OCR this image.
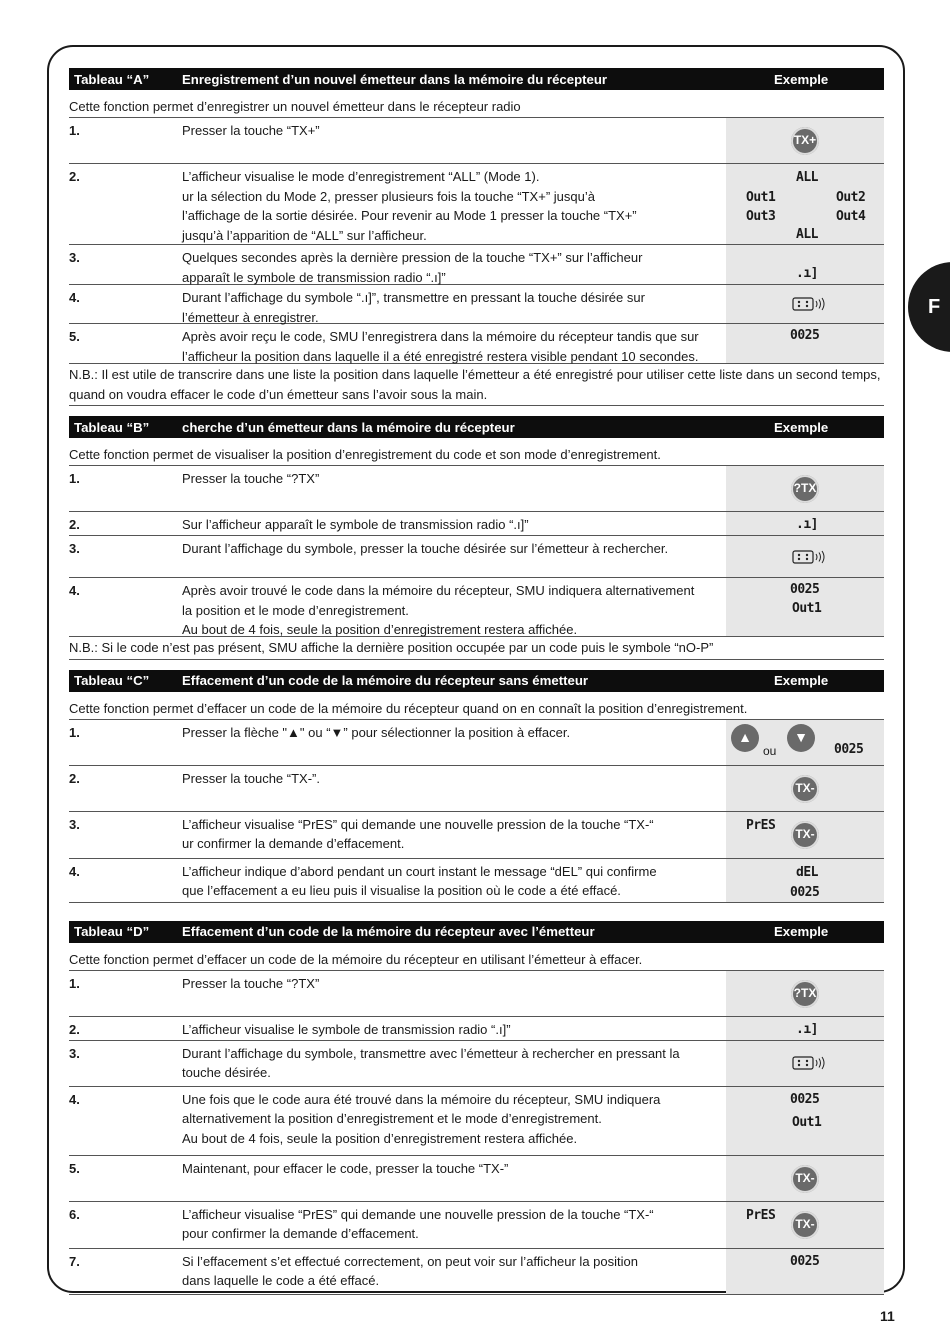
F
11
Tableau “A”	Enregistrement d’un nouvel émetteur dans la mémoire du récepteur	Exemple
Cette fonction permet d’enregistrer un nouvel émetteur dans le récepteur radio
1.	Presser la touche “TX+”
TX+
2.	L’afficheur visualise le mode d’enregistrement “ALL” (Mode 1).
ur la sélection du Mode 2, presser plusieurs fois la touche “TX+” jusqu’à
l’affichage de la sortie désirée. Pour revenir au Mode 1 presser la touche “TX+”
jusqu’à l’apparition de “ALL” sur l’afficheur.
ALL
Out1	Out2
Out3	Out4
ALL
3.	Quelques secondes après la dernière pression de la touche “TX+” sur l’afficheur
apparaît le symbole de transmission radio “.ı]”	.ı]
4.	Durant l’affichage du symbole “.ı]”, transmettre en pressant la touche désirée sur
l’émetteur à enregistrer.
5.	Après avoir reçu le code, SMU l’enregistrera dans la mémoire du récepteur tandis que sur
l’afficheur la position dans laquelle il a été enregistré restera visible pendant 10 secondes.
0025
N.B.: Il est utile de transcrire dans une liste la position dans laquelle l’émetteur a été enregistré pour utiliser cette liste dans un second temps, quand on voudra effacer le code d’un émetteur sans l’avoir sous la main.
Tableau “B”	cherche d’un émetteur dans la mémoire du récepteur	Exemple
Cette fonction permet de visualiser la position d’enregistrement du code et son mode d’enregistrement.
1.	Presser la touche “?TX”
?TX
2.	Sur l’afficheur apparaît le symbole de transmission radio “.ı]”	.ı]
3.	Durant l’affichage du symbole, presser la touche désirée sur l’émetteur à rechercher.
4.	Après avoir trouvé le code dans la mémoire du récepteur, SMU indiquera alternativement
la position et le mode d’enregistrement.
Au bout de 4 fois, seule la position d’enregistrement restera affichée.
0025
Out1
N.B.: Si le code n’est pas présent, SMU affiche la dernière position occupée par un code puis le symbole “nO-P”
Tableau “C”	Effacement d’un code de la mémoire du récepteur sans émetteur	Exemple
Cette fonction permet d’effacer un code de la mémoire du récepteur quand on en connaît la position d’enregistrement.
1.	Presser la flèche "▲" ou “▼” pour sélectionner la position à effacer.	▲
ou
▼
0025
2.	Presser la touche “TX-”.
TX-
3.	L’afficheur visualise “PrES” qui demande une nouvelle pression de la touche “TX-“
ur confirmer la demande d’effacement.
PrES
TX-
4.	L’afficheur indique d’abord pendant un court instant le message “dEL” qui confirme
que l’effacement a eu lieu puis il visualise la position où le code a été effacé.
dEL
0025
Tableau “D”	Effacement d’un code de la mémoire du récepteur avec l’émetteur	Exemple
Cette fonction permet d’effacer un code de la mémoire du récepteur en utilisant l’émetteur à effacer.
1.	Presser la touche “?TX”
?TX
2.	L’afficheur visualise le symbole de transmission radio “.ı]”	.ı]
3.	Durant l’affichage du symbole, transmettre avec l’émetteur à rechercher en pressant la
touche désirée.
4.	Une fois que le code aura été trouvé dans la mémoire du récepteur, SMU indiquera
alternativement la position d’enregistrement et le mode d’enregistrement.
Au bout de 4 fois, seule la position d’enregistrement restera affichée.
0025
Out1
5.	Maintenant, pour effacer le code, presser la touche “TX-”
TX-
6.	L’afficheur visualise “PrES” qui demande une nouvelle pression de la touche “TX-“
pour confirmer la demande d’effacement.
PrES
TX-
7.	Si l’effacement s’et effectué correctement, on peut voir sur l’afficheur la position
dans laquelle le code a été effacé.
0025
